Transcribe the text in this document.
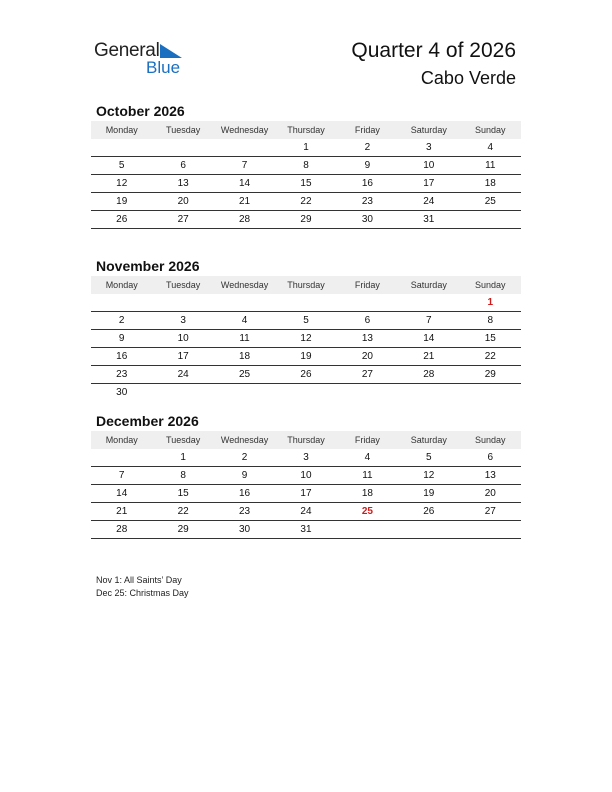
General
Blue
Quarter 4 of 2026
Cabo Verde
October 2026
Monday	Tuesday	Wednesday	Thursday	Friday	Saturday	Sunday
			1	2	3	4
5	6	7	8	9	10	11
12	13	14	15	16	17	18
19	20	21	22	23	24	25
26	27	28	29	30	31	
November 2026
Monday	Tuesday	Wednesday	Thursday	Friday	Saturday	Sunday
						1
2	3	4	5	6	7	8
9	10	11	12	13	14	15
16	17	18	19	20	21	22
23	24	25	26	27	28	29
30						
December 2026
Monday	Tuesday	Wednesday	Thursday	Friday	Saturday	Sunday
	1	2	3	4	5	6
7	8	9	10	11	12	13
14	15	16	17	18	19	20
21	22	23	24	25	26	27
28	29	30	31			
Nov 1: All Saints’ Day
Dec 25: Christmas Day
